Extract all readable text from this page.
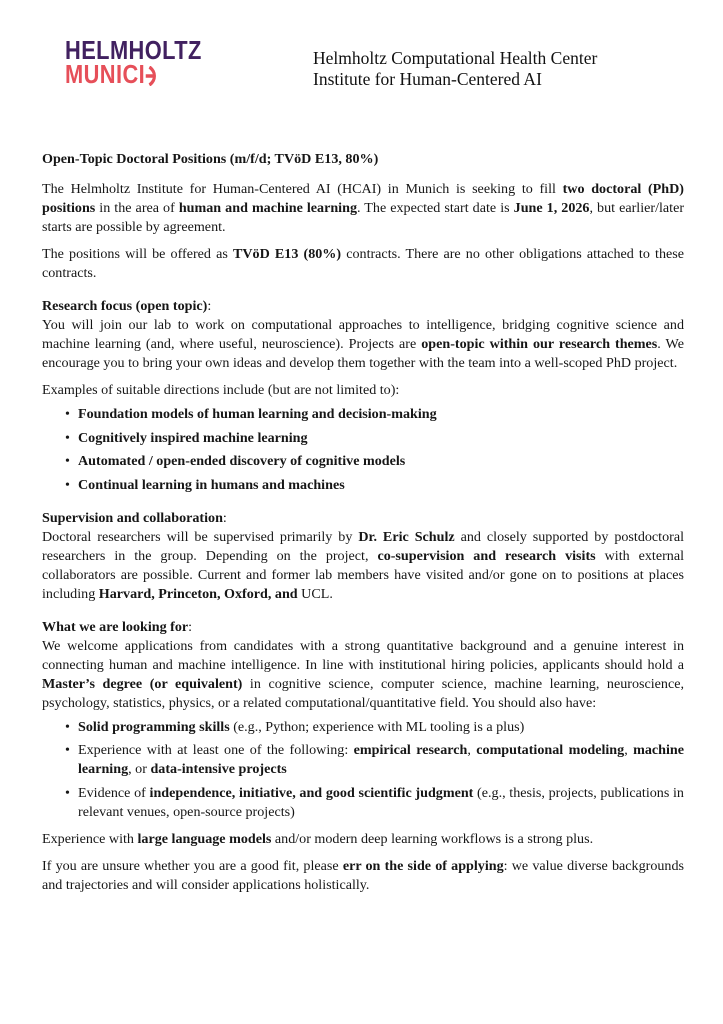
HELMHOLTZ
MUNICI
Helmholtz Computational Health Center
Institute for Human-Centered AI
Open-Topic Doctoral Positions (m/f/d; TVöD E13, 80%)
The Helmholtz Institute for Human-Centered AI (HCAI) in Munich is seeking to fill two doctoral (PhD) positions in the area of human and machine learning. The expected start date is June 1, 2026, but earlier/later starts are possible by agreement.
The positions will be offered as TVöD E13 (80%) contracts. There are no other obligations attached to these contracts.
Research focus (open topic):
You will join our lab to work on computational approaches to intelligence, bridging cognitive science and machine learning (and, where useful, neuroscience). Projects are open-topic within our research themes. We encourage you to bring your own ideas and develop them together with the team into a well-scoped PhD project.
Examples of suitable directions include (but are not limited to):
• Foundation models of human learning and decision-making
• Cognitively inspired machine learning
• Automated / open-ended discovery of cognitive models
• Continual learning in humans and machines
Supervision and collaboration:
Doctoral researchers will be supervised primarily by Dr. Eric Schulz and closely supported by postdoctoral researchers in the group. Depending on the project, co-supervision and research visits with external collaborators are possible. Current and former lab members have visited and/or gone on to positions at places including Harvard, Princeton, Oxford, and UCL.
What we are looking for:
We welcome applications from candidates with a strong quantitative background and a genuine interest in connecting human and machine intelligence. In line with institutional hiring policies, applicants should hold a Master’s degree (or equivalent) in cognitive science, computer science, machine learning, neuroscience, psychology, statistics, physics, or a related computational/quantitative field. You should also have:
• Solid programming skills (e.g., Python; experience with ML tooling is a plus)
• Experience with at least one of the following: empirical research, computational modeling, machine learning, or data-intensive projects
• Evidence of independence, initiative, and good scientific judgment (e.g., thesis, projects, publications in relevant venues, open-source projects)
Experience with large language models and/or modern deep learning workflows is a strong plus.
If you are unsure whether you are a good fit, please err on the side of applying: we value diverse backgrounds and trajectories and will consider applications holistically.
